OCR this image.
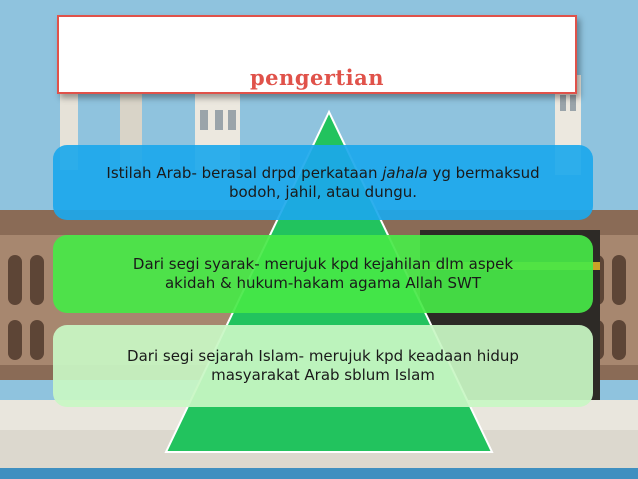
pengertian
Istilah Arab- berasal drpd perkataan jahala yg bermaksud
bodoh, jahil, atau dungu.
Dari segi syarak- merujuk kpd kejahilan dlm aspek
akidah & hukum-hakam agama Allah SWT
Dari segi sejarah Islam- merujuk kpd keadaan hidup
masyarakat Arab sblum Islam
